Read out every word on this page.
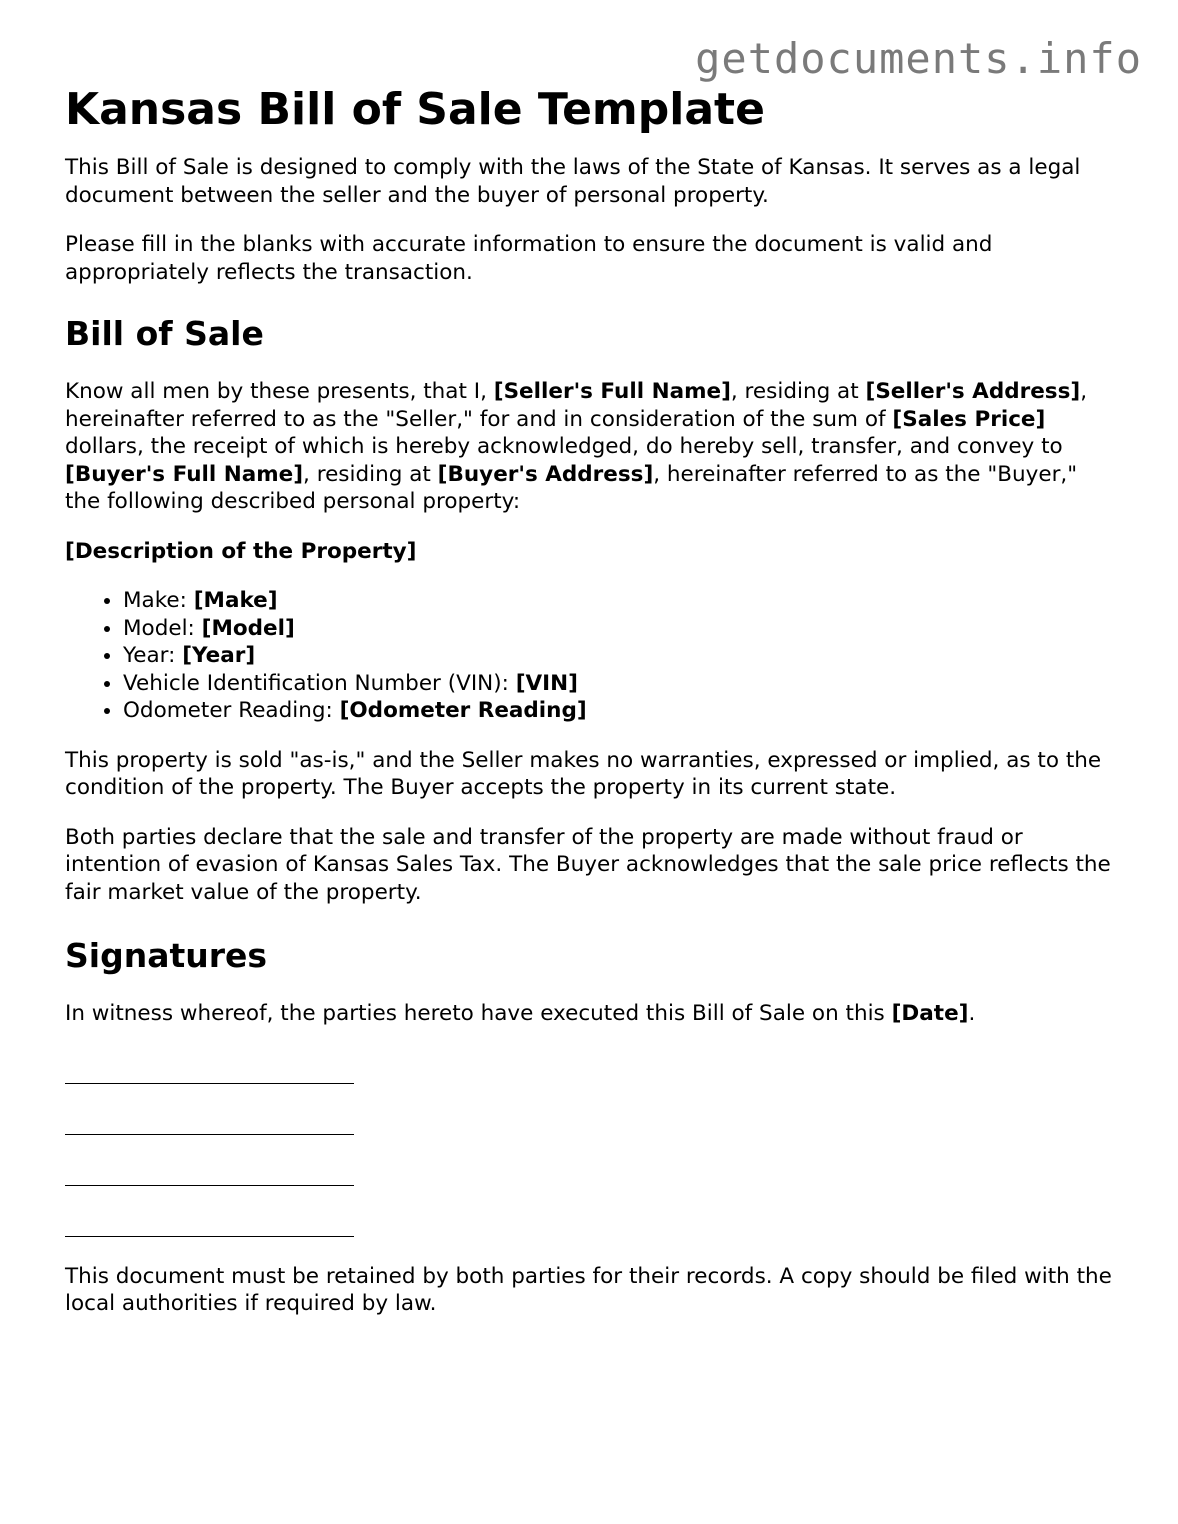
getdocuments.info
Kansas Bill of Sale Template

This Bill of Sale is designed to comply with the laws of the State of Kansas. It serves as a legal document between the seller and the buyer of personal property.

Please fill in the blanks with accurate information to ensure the document is valid and appropriately reflects the transaction.

Bill of Sale

Know all men by these presents, that I, [Seller's Full Name], residing at [Seller's Address], hereinafter referred to as the "Seller," for and in consideration of the sum of [Sales Price] dollars, the receipt of which is hereby acknowledged, do hereby sell, transfer, and convey to [Buyer's Full Name], residing at [Buyer's Address], hereinafter referred to as the "Buyer," the following described personal property:

[Description of the Property]

• Make: [Make]
• Model: [Model]
• Year: [Year]
• Vehicle Identification Number (VIN): [VIN]
• Odometer Reading: [Odometer Reading]

This property is sold "as-is," and the Seller makes no warranties, expressed or implied, as to the condition of the property. The Buyer accepts the property in its current state.

Both parties declare that the sale and transfer of the property are made without fraud or intention of evasion of Kansas Sales Tax. The Buyer acknowledges that the sale price reflects the fair market value of the property.

Signatures

In witness whereof, the parties hereto have executed this Bill of Sale on this [Date].

This document must be retained by both parties for their records. A copy should be filed with the local authorities if required by law.
